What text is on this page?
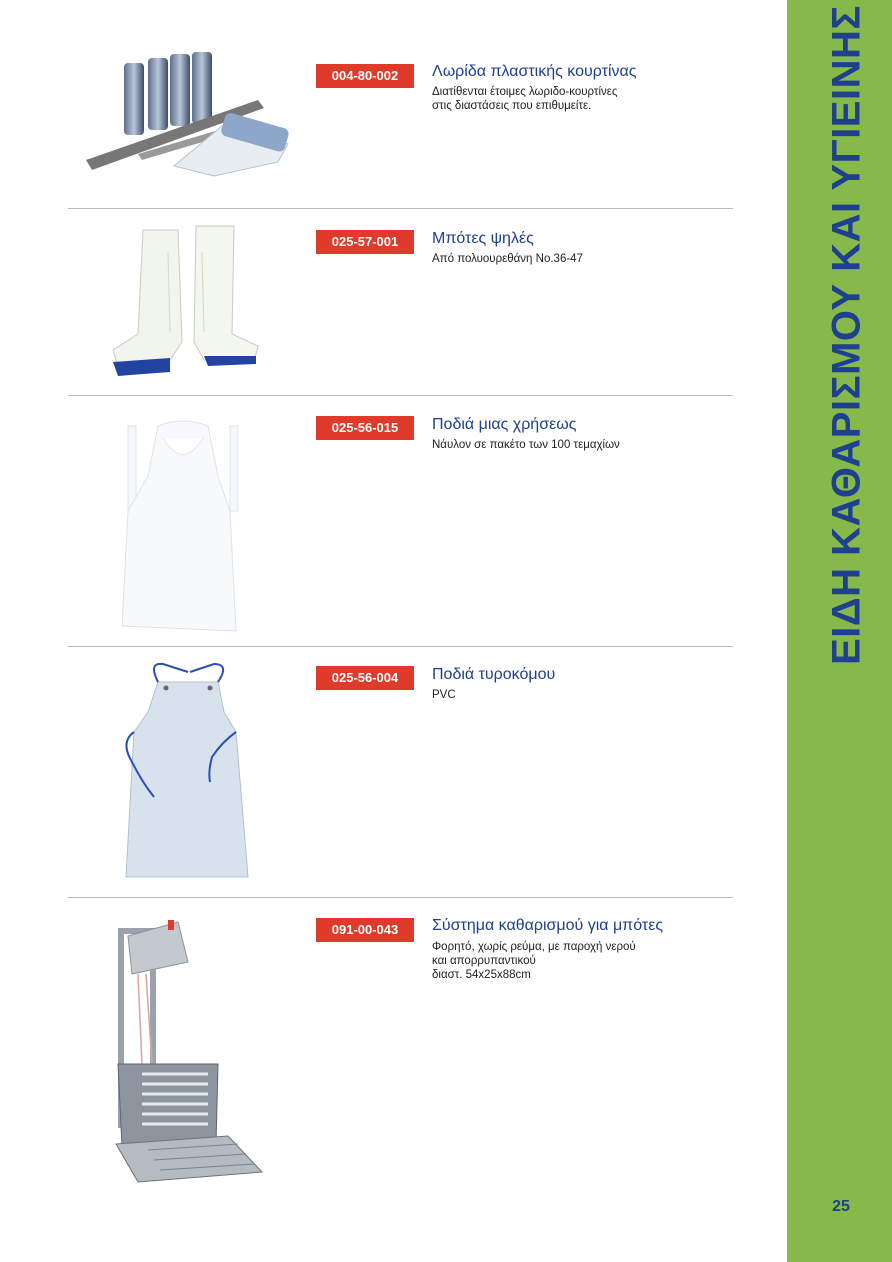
ΕΙΔΗ ΚΑΘΑΡΙΣΜΟΥ ΚΑΙ ΥΓΙΕΙΝΗΣ
25
004-80-002	Λωρίδα πλαστικής κουρτίνας
Διατίθενται έτοιμες λωριδο-κουρτίνες
στις διαστάσεις που επιθυμείτε.
025-57-001	Μπότες ψηλές
Από πολυουρεθάνη Νο.36-47
025-56-015	Ποδιά μιας χρήσεως
Νάυλον σε πακέτο των 100 τεμαχίων
025-56-004	Ποδιά τυροκόμου
PVC
091-00-043	Σύστημα καθαρισμού για μπότες
Φορητό, χωρίς ρεύμα, με παροχή νερού
και απορρυπαντικού
διαστ. 54x25x88cm
